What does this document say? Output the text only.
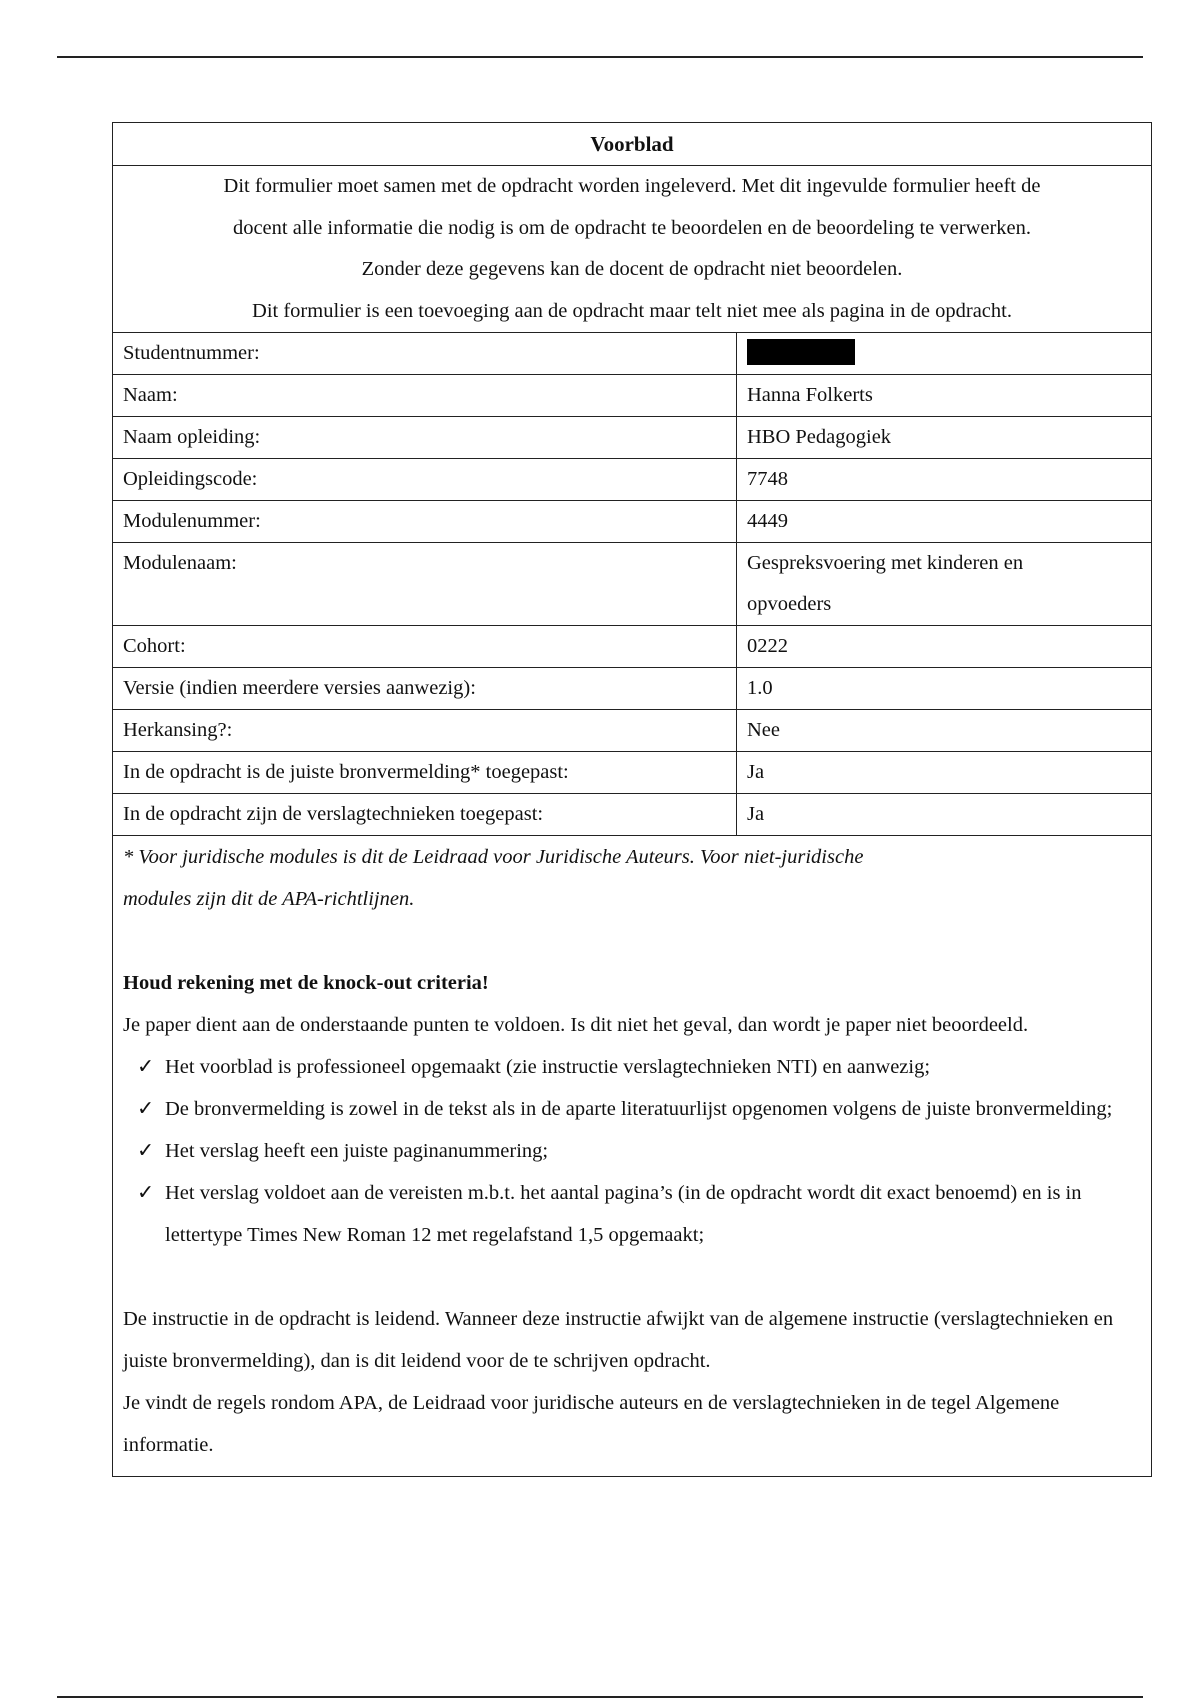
Voorblad

Dit formulier moet samen met de opdracht worden ingeleverd. Met dit ingevulde formulier heeft de

docent alle informatie die nodig is om de opdracht te beoordelen en de beoordeling te verwerken.

Zonder deze gegevens kan de docent de opdracht niet beoordelen.

Dit formulier is een toevoeging aan de opdracht maar telt niet mee als pagina in de opdracht.

Studentnummer:
Naam:	Hanna Folkerts
Naam opleiding:	HBO Pedagogiek
Opleidingscode:	7748
Modulenummer:	4449
Modulenaam:	Gespreksvoering met kinderen en opvoeders
Cohort:	0222
Versie (indien meerdere versies aanwezig):	1.0
Herkansing?:	Nee
In de opdracht is de juiste bronvermelding* toegepast:	Ja
In de opdracht zijn de verslagtechnieken toegepast:	Ja

* Voor juridische modules is dit de Leidraad voor Juridische Auteurs. Voor niet-juridische

modules zijn dit de APA-richtlijnen.

Houd rekening met de knock-out criteria!

Je paper dient aan de onderstaande punten te voldoen. Is dit niet het geval, dan wordt je paper niet beoordeeld.

✓ Het voorblad is professioneel opgemaakt (zie instructie verslagtechnieken NTI) en aanwezig;
✓ De bronvermelding is zowel in de tekst als in de aparte literatuurlijst opgenomen volgens de juiste bronvermelding;
✓ Het verslag heeft een juiste paginanummering;
✓ Het verslag voldoet aan de vereisten m.b.t. het aantal pagina’s (in de opdracht wordt dit exact benoemd) en is in lettertype Times New Roman 12 met regelafstand 1,5 opgemaakt;

De instructie in de opdracht is leidend. Wanneer deze instructie afwijkt van de algemene instructie (verslagtechnieken en juiste bronvermelding), dan is dit leidend voor de te schrijven opdracht.

Je vindt de regels rondom APA, de Leidraad voor juridische auteurs en de verslagtechnieken in de tegel Algemene informatie.
